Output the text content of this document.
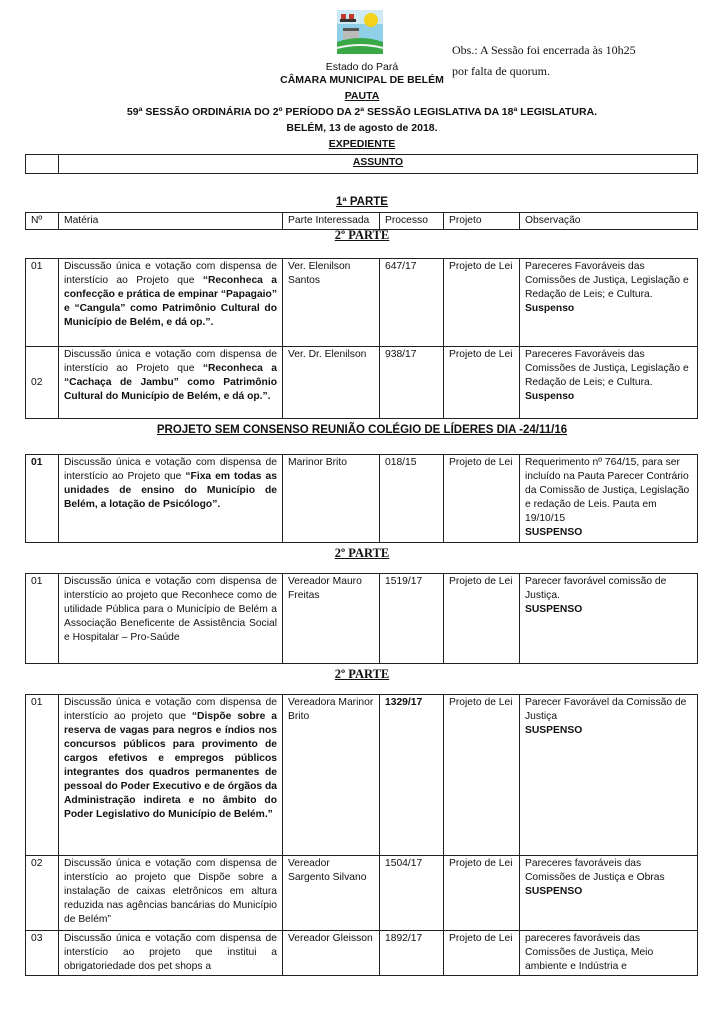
Obs.: A Sessão foi encerrada às 10h25
por falta de quorum.
Estado do Pará
CÂMARA MUNICIPAL DE BELÉM
PAUTA
59ª SESSÃO ORDINÁRIA DO 2º PERÍODO DA 2ª SESSÃO LEGISLATIVA DA 18ª LEGISLATURA.
BELÉM, 13 de agosto de 2018.
EXPEDIENTE
	ASSUNTO
1ª PARTE
Nº	Matéria	Parte Interessada	Processo	Projeto	Observação
2º PARTE
01	Discussão única e votação com dispensa de interstício ao Projeto que “Reconheca a confecção e prática de empinar “Papagaio” e “Cangula” como Patrimônio Cultural do Município de Belém, e dá op.”.	Ver. Elenilson Santos	647/17	Projeto de Lei	Pareceres Favoráveis das Comissões de Justiça, Legislação e Redação de Leis; e Cultura.
Suspenso
02	Discussão única e votação com dispensa de interstício ao Projeto que “Reconheca a “Cachaça de Jambu” como Patrimônio Cultural do Município de Belém, e dá op.”.	Ver. Dr. Elenilson	938/17	Projeto de Lei	Pareceres Favoráveis das Comissões de Justiça, Legislação e Redação de Leis; e Cultura.
Suspenso
PROJETO SEM CONSENSO REUNIÃO COLÉGIO DE LÍDERES DIA -24/11/16
01	Discussão única e votação com dispensa de interstício ao Projeto que “Fixa em todas as unidades de ensino do Município de Belém, a lotação de Psicólogo”.	Marinor Brito	018/15	Projeto de Lei	Requerimento nº 764/15, para ser incluído na Pauta Parecer Contrário da Comissão de Justiça, Legislação e redação de Leis. Pauta em 19/10/15
SUSPENSO
2º PARTE
01	Discussão única e votação com dispensa de interstício ao projeto que Reconhece como de utilidade Pública para o Município de Belém a Associação Beneficente de Assistência Social e Hospitalar – Pro-Saúde	Vereador Mauro Freitas	1519/17	Projeto de Lei	Parecer favorável comissão de Justiça.
SUSPENSO
2º PARTE
01	Discussão única e votação com dispensa de interstício ao projeto que “Dispõe sobre a reserva de vagas para negros e índios nos concursos públicos para provimento de cargos efetivos e empregos públicos integrantes dos quadros permanentes de pessoal do Poder Executivo e de órgãos da Administração indireta e no âmbito do Poder Legislativo do Município de Belém.”	Vereadora Marinor Brito	1329/17	Projeto de Lei	Parecer Favorável da Comissão de Justiça
SUSPENSO
02	Discussão única e votação com dispensa de interstício ao projeto que Dispõe sobre a instalação de caixas eletrônicos em altura reduzida nas agências bancárias do Município de Belém”	Vereador Sargento Silvano	1504/17	Projeto de Lei	Pareceres favoráveis das Comissões de Justiça e Obras
SUSPENSO
03	Discussão única e votação com dispensa de interstício ao projeto que institui a obrigatoriedade dos pet shops a	Vereador Gleisson	1892/17	Projeto de Lei	pareceres favoráveis das Comissões de Justiça, Meio ambiente e Indústria e
